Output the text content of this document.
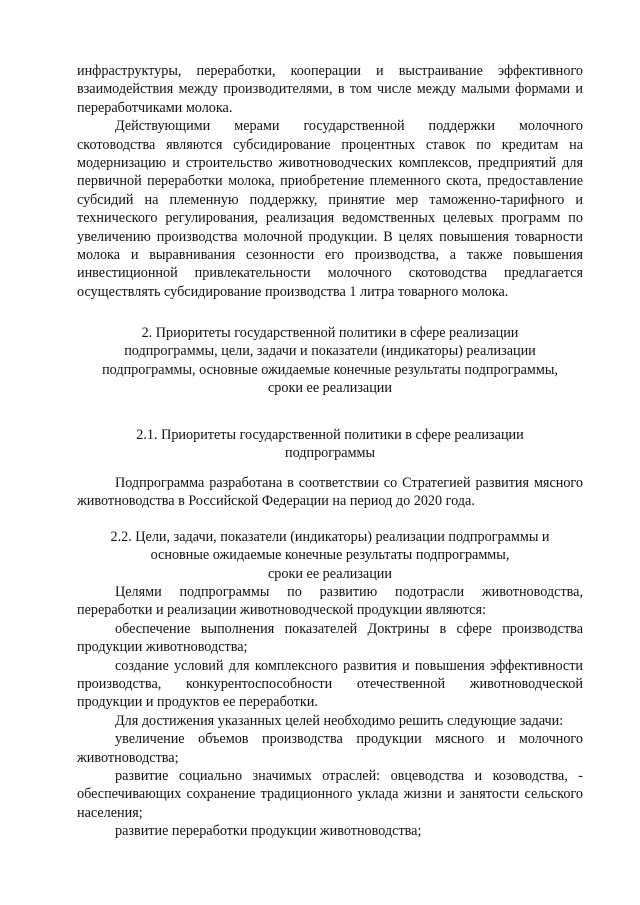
инфраструктуры, переработки, кооперации и выстраивание эффективного взаимодействия между производителями, в том числе между малыми формами и переработчиками молока.

Действующими мерами государственной поддержки молочного скотоводства являются субсидирование процентных ставок по кредитам на модернизацию и строительство животноводческих комплексов, предприятий для первичной переработки молока, приобретение племенного скота, предоставление субсидий на племенную поддержку, принятие мер таможенно-тарифного и технического регулирования, реализация ведомственных целевых программ по увеличению производства молочной продукции. В целях повышения товарности молока и выравнивания сезонности его производства, а также повышения инвестиционной привлекательности молочного скотоводства предлагается осуществлять субсидирование производства 1 литра товарного молока.

2. Приоритеты государственной политики в сфере реализации
подпрограммы, цели, задачи и показатели (индикаторы) реализации
подпрограммы, основные ожидаемые конечные результаты подпрограммы,
сроки ее реализации
2.1. Приоритеты государственной политики в сфере реализации
подпрограммы

Подпрограмма разработана в соответствии со Стратегией развития мясного животноводства в Российской Федерации на период до 2020 года.

2.2. Цели, задачи, показатели (индикаторы) реализации подпрограммы и
основные ожидаемые конечные результаты подпрограммы,
сроки ее реализации

Целями подпрограммы по развитию подотрасли животноводства, переработки и реализации животноводческой продукции являются:

обеспечение выполнения показателей Доктрины в сфере производства продукции животноводства;

создание условий для комплексного развития и повышения эффективности производства, конкурентоспособности отечественной животноводческой продукции и продуктов ее переработки.

Для достижения указанных целей необходимо решить следующие задачи:

увеличение объемов производства продукции мясного и молочного животноводства;

развитие социально значимых отраслей: овцеводства и козоводства, - обеспечивающих сохранение традиционного уклада жизни и занятости сельского населения;

развитие переработки продукции животноводства;
